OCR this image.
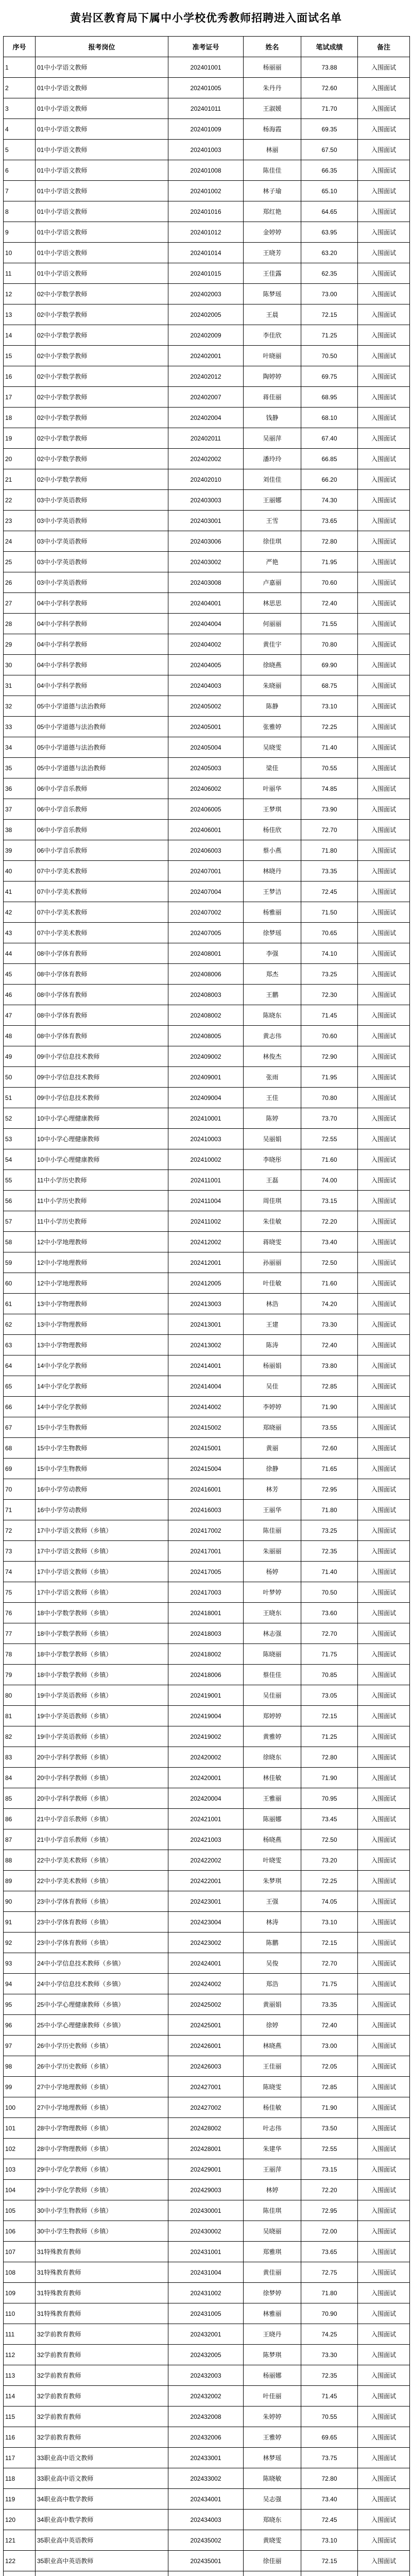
黄岩区教育局下属中小学校优秀教师招聘进入面试名单
序号	报考岗位	准考证号	姓名	笔试成绩	备注
1	01中小学语文教师	202401001	杨丽丽	73.88	入围面试
2	01中小学语文教师	202401005	朱丹丹	72.60	入围面试
3	01中小学语文教师	202401011	王淑媛	71.70	入围面试
4	01中小学语文教师	202401009	杨海霞	69.35	入围面试
5	01中小学语文教师	202401003	林丽	67.50	入围面试
6	01中小学语文教师	202401008	陈佳佳	66.35	入围面试
7	01中小学语文教师	202401002	林子瑜	65.10	入围面试
8	01中小学语文教师	202401016	郑红艳	64.65	入围面试
9	01中小学语文教师	202401012	金婷婷	63.95	入围面试
10	01中小学语文教师	202401014	王晓芳	63.20	入围面试
11	01中小学语文教师	202401015	王佳露	62.35	入围面试
12	02中小学数学教师	202402003	陈梦瑶	73.00	入围面试
13	02中小学数学教师	202402005	王晨	72.15	入围面试
14	02中小学数学教师	202402009	李佳欣	71.25	入围面试
15	02中小学数学教师	202402001	叶晓丽	70.50	入围面试
16	02中小学数学教师	202402012	陶婷婷	69.75	入围面试
17	02中小学数学教师	202402007	蒋佳丽	68.95	入围面试
18	02中小学数学教师	202402004	钱静	68.10	入围面试
19	02中小学数学教师	202402011	吴丽萍	67.40	入围面试
20	02中小学数学教师	202402002	潘玲玲	66.85	入围面试
21	02中小学数学教师	202402010	刘佳佳	66.20	入围面试
22	03中小学英语教师	202403003	王丽娜	74.30	入围面试
23	03中小学英语教师	202403001	王雪	73.65	入围面试
24	03中小学英语教师	202403006	徐佳琪	72.80	入围面试
25	03中小学英语教师	202403002	严艳	71.95	入围面试
26	03中小学英语教师	202403008	卢嘉丽	70.60	入围面试
27	04中小学科学教师	202404001	林思思	72.40	入围面试
28	04中小学科学教师	202404004	何丽丽	71.55	入围面试
29	04中小学科学教师	202404002	黄佳宇	70.80	入围面试
30	04中小学科学教师	202404005	徐晓燕	69.90	入围面试
31	04中小学科学教师	202404003	朱晓丽	68.75	入围面试
32	05中小学道德与法治教师	202405002	陈静	73.10	入围面试
33	05中小学道德与法治教师	202405001	张雅婷	72.25	入围面试
34	05中小学道德与法治教师	202405004	吴晓雯	71.40	入围面试
35	05中小学道德与法治教师	202405003	梁佳	70.55	入围面试
36	06中小学音乐教师	202406002	叶丽华	74.85	入围面试
37	06中小学音乐教师	202406005	王梦琪	73.90	入围面试
38	06中小学音乐教师	202406001	杨佳欣	72.70	入围面试
39	06中小学音乐教师	202406003	蔡小燕	71.80	入围面试
40	07中小学美术教师	202407001	林晓丹	73.35	入围面试
41	07中小学美术教师	202407004	王梦洁	72.45	入围面试
42	07中小学美术教师	202407002	杨雅丽	71.50	入围面试
43	07中小学美术教师	202407005	徐梦瑶	70.65	入围面试
44	08中小学体育教师	202408001	李强	74.10	入围面试
45	08中小学体育教师	202408006	郑杰	73.25	入围面试
46	08中小学体育教师	202408003	王鹏	72.30	入围面试
47	08中小学体育教师	202408002	陈晓东	71.45	入围面试
48	08中小学体育教师	202408005	黄志伟	70.60	入围面试
49	09中小学信息技术教师	202409002	林俊杰	72.90	入围面试
50	09中小学信息技术教师	202409001	张雨	71.95	入围面试
51	09中小学信息技术教师	202409004	王佳	70.80	入围面试
52	10中小学心理健康教师	202410001	陈婷	73.70	入围面试
53	10中小学心理健康教师	202410003	吴丽娟	72.55	入围面试
54	10中小学心理健康教师	202410002	李晓彤	71.60	入围面试
55	11中小学历史教师	202411001	王磊	74.00	入围面试
56	11中小学历史教师	202411004	周佳琪	73.15	入围面试
57	11中小学历史教师	202411002	朱佳敏	72.20	入围面试
58	12中小学地理教师	202412002	蒋晓雯	73.40	入围面试
59	12中小学地理教师	202412001	孙丽丽	72.50	入围面试
60	12中小学地理教师	202412005	叶佳敏	71.60	入围面试
61	13中小学物理教师	202413003	林浩	74.20	入围面试
62	13中小学物理教师	202413001	王建	73.30	入围面试
63	13中小学物理教师	202413002	陈涛	72.40	入围面试
64	14中小学化学教师	202414001	杨丽娟	73.80	入围面试
65	14中小学化学教师	202414004	吴佳	72.85	入围面试
66	14中小学化学教师	202414002	李婷婷	71.90	入围面试
67	15中小学生物教师	202415002	郑晓丽	73.55	入围面试
68	15中小学生物教师	202415001	黄丽	72.60	入围面试
69	15中小学生物教师	202415004	徐静	71.65	入围面试
70	16中小学劳动教师	202416001	林芳	72.95	入围面试
71	16中小学劳动教师	202416003	王丽华	71.80	入围面试
72	17中小学语文教师（乡镇）	202417002	陈佳丽	73.25	入围面试
73	17中小学语文教师（乡镇）	202417001	朱丽丽	72.35	入围面试
74	17中小学语文教师（乡镇）	202417005	杨婷	71.40	入围面试
75	17中小学语文教师（乡镇）	202417003	叶梦婷	70.50	入围面试
76	18中小学数学教师（乡镇）	202418001	王晓东	73.60	入围面试
77	18中小学数学教师（乡镇）	202418003	林志强	72.70	入围面试
78	18中小学数学教师（乡镇）	202418002	陈晓丽	71.75	入围面试
79	18中小学数学教师（乡镇）	202418006	蔡佳佳	70.85	入围面试
80	19中小学英语教师（乡镇）	202419001	吴佳丽	73.05	入围面试
81	19中小学英语教师（乡镇）	202419004	郑婷婷	72.15	入围面试
82	19中小学英语教师（乡镇）	202419002	黄雅婷	71.25	入围面试
83	20中小学科学教师（乡镇）	202420002	徐晓东	72.80	入围面试
84	20中小学科学教师（乡镇）	202420001	林佳敏	71.90	入围面试
85	20中小学科学教师（乡镇）	202420004	王雅丽	70.95	入围面试
86	21中小学音乐教师（乡镇）	202421001	陈丽娜	73.45	入围面试
87	21中小学音乐教师（乡镇）	202421003	杨晓燕	72.50	入围面试
88	22中小学美术教师（乡镇）	202422002	叶晓雯	73.20	入围面试
89	22中小学美术教师（乡镇）	202422001	朱梦琪	72.25	入围面试
90	23中小学体育教师（乡镇）	202423001	王强	74.05	入围面试
91	23中小学体育教师（乡镇）	202423004	林涛	73.10	入围面试
92	23中小学体育教师（乡镇）	202423002	陈鹏	72.15	入围面试
93	24中小学信息技术教师（乡镇）	202424001	吴俊	72.70	入围面试
94	24中小学信息技术教师（乡镇）	202424002	郑浩	71.75	入围面试
95	25中小学心理健康教师（乡镇）	202425002	黄丽娟	73.35	入围面试
96	25中小学心理健康教师（乡镇）	202425001	徐婷	72.40	入围面试
97	26中小学历史教师（乡镇）	202426001	林晓燕	73.00	入围面试
98	26中小学历史教师（乡镇）	202426003	王佳丽	72.05	入围面试
99	27中小学地理教师（乡镇）	202427001	陈晓雯	72.85	入围面试
100	27中小学地理教师（乡镇）	202427002	杨佳敏	71.90	入围面试
101	28中小学物理教师（乡镇）	202428002	叶志伟	73.50	入围面试
102	28中小学物理教师（乡镇）	202428001	朱建华	72.55	入围面试
103	29中小学化学教师（乡镇）	202429001	王丽萍	73.15	入围面试
104	29中小学化学教师（乡镇）	202429003	林婷	72.20	入围面试
105	30中小学生物教师（乡镇）	202430001	陈佳琪	72.95	入围面试
106	30中小学生物教师（乡镇）	202430002	吴晓丽	72.00	入围面试
107	31特殊教育教师	202431001	郑雅琪	73.65	入围面试
108	31特殊教育教师	202431004	黄佳丽	72.75	入围面试
109	31特殊教育教师	202431002	徐梦婷	71.80	入围面试
110	31特殊教育教师	202431005	林雅丽	70.90	入围面试
111	32学前教育教师	202432001	王晓丹	74.25	入围面试
112	32学前教育教师	202432005	陈梦琪	73.30	入围面试
113	32学前教育教师	202432003	杨丽娜	72.35	入围面试
114	32学前教育教师	202432002	叶佳丽	71.45	入围面试
115	32学前教育教师	202432008	朱婷婷	70.55	入围面试
116	32学前教育教师	202432006	王雅婷	69.65	入围面试
117	33职业高中语文教师	202433001	林梦瑶	73.75	入围面试
118	33职业高中语文教师	202433002	陈晓敏	72.80	入围面试
119	34职业高中数学教师	202434001	吴志强	73.40	入围面试
120	34职业高中数学教师	202434003	郑晓东	72.45	入围面试
121	35职业高中英语教师	202435002	黄晓雯	73.10	入围面试
122	35职业高中英语教师	202435001	徐佳丽	72.15	入围面试
